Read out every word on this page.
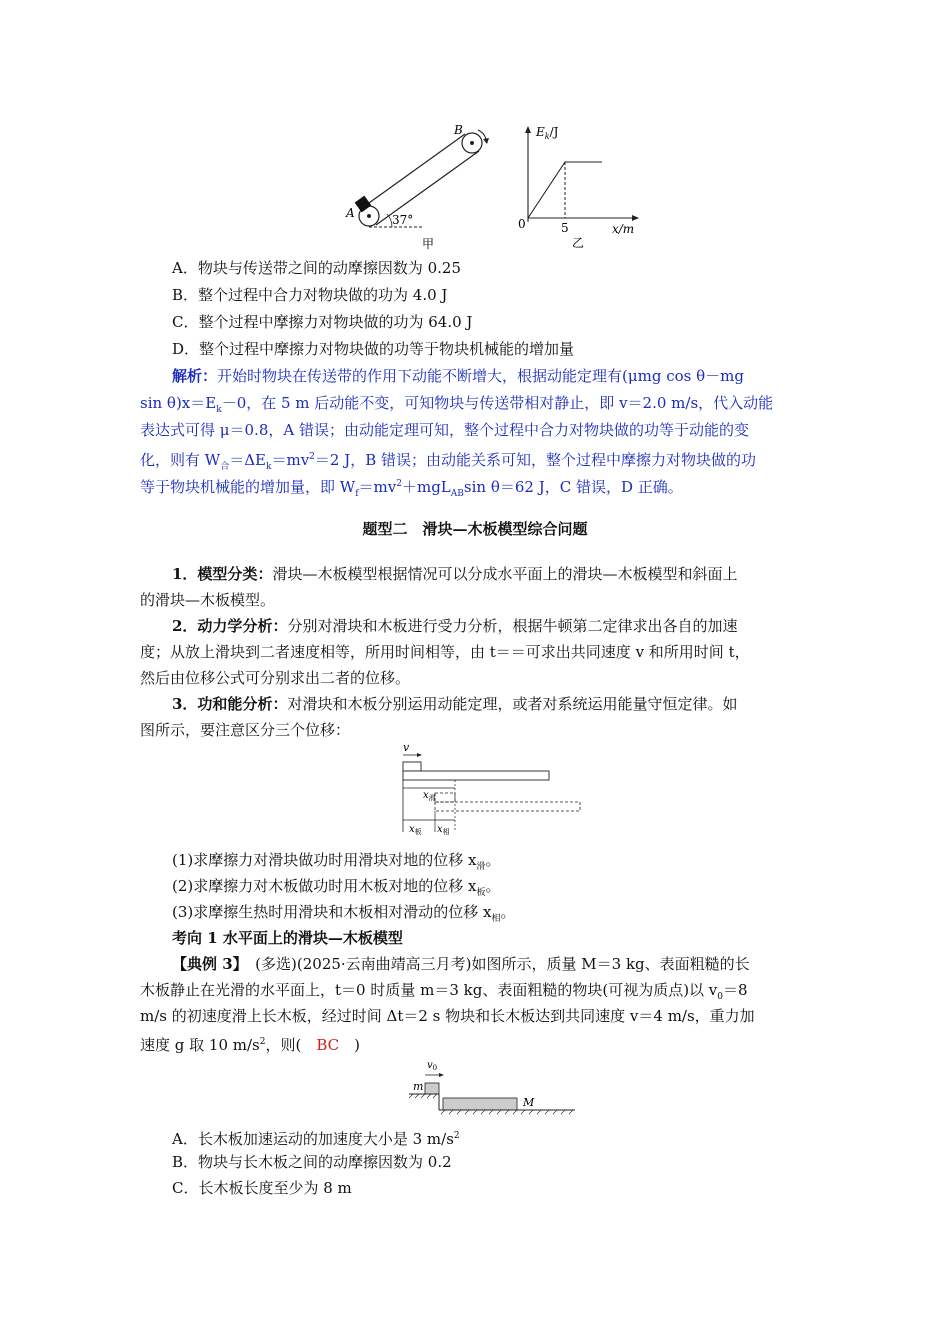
A
B
37°
甲
$E_k/J$
0	5	x/m
乙
A．物块与传送带之间的动摩擦因数为 0.25
B．整个过程中合力对物块做的功为 4.0 J
C．整个过程中摩擦力对物块做的功为 64.0 J
D．整个过程中摩擦力对物块做的功等于物块机械能的增加量
解析：开始时物块在传送带的作用下动能不断增大，根据动能定理有(μmg cos θ－mg
$\sin \theta)x=E_k-0$，在 5 m 后动能不变，可知物块与传送带相对静止，即 v＝2.0 m/s，代入动能
表达式可得 μ＝0.8，A 错误；由动能定理可知，整个过程中合力对物块做的功等于动能的变
化，则有 $W_合=\Delta E_k=mv^2=2$ J，B 错误；由动能关系可知，整个过程中摩擦力对物块做的功
等于物块机械能的增加量，即 $W_f=mv^2+mgL_{AB}\sin$ θ＝62 J，C 错误，D 正确。
题型二　滑块—木板模型综合问题
1．模型分类：滑块—木板模型根据情况可以分成水平面上的滑块—木板模型和斜面上
的滑块—木板模型。
2．动力学分析：分别对滑块和木板进行受力分析，根据牛顿第二定律求出各自的加速
度；从放上滑块到二者速度相等，所用时间相等，由 t＝＝可求出共同速度 v 和所用时间 t，
然后由位移公式可分别求出二者的位移。
3．功和能分析：对滑块和木板分别运用动能定理，或者对系统运用能量守恒定律。如
图所示，要注意区分三个位移：
v
$x_滑$
$x_板$ $x_相$
(1)求摩擦力对滑块做功时用滑块对地的位移 $x_滑$。
(2)求摩擦力对木板做功时用木板对地的位移 $x_板$。
(3)求摩擦生热时用滑块和木板相对滑动的位移 $x_相$。
考向 1 水平面上的滑块—木板模型
【典例 3】　(多选)(2025·云南曲靖高三月考)如图所示，质量 M＝3 kg、表面粗糙的长
木板静止在光滑的水平面上，t＝0 时质量 m＝3 kg、表面粗糙的物块(可视为质点)以 $v_0=8$
m/s 的初速度滑上长木板，经过时间 Δt＝2 s 物块和长木板达到共同速度 v＝4 m/s，重力加
速度 g 取 10 $m/s^2$，则(　BC　)
$v_0$
m
M
A．长木板加速运动的加速度大小是 3 $m/s^2$
B．物块与长木板之间的动摩擦因数为 0.2
C．长木板长度至少为 8 m
